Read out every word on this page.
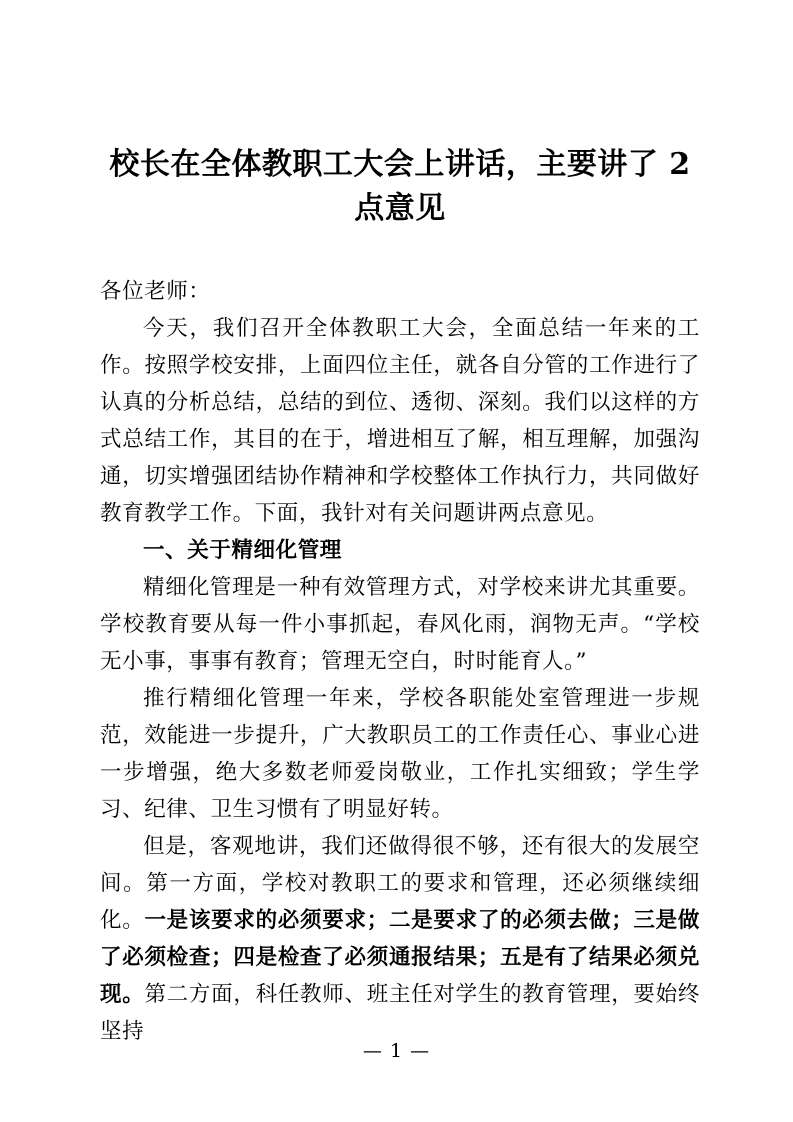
校长在全体教职工大会上讲话，主要讲了 2 点意见

各位老师：

今天，我们召开全体教职工大会，全面总结一年来的工作。按照学校安排，上面四位主任，就各自分管的工作进行了认真的分析总结，总结的到位、透彻、深刻。我们以这样的方式总结工作，其目的在于，增进相互了解，相互理解，加强沟通，切实增强团结协作精神和学校整体工作执行力，共同做好教育教学工作。下面，我针对有关问题讲两点意见。

一、关于精细化管理

精细化管理是一种有效管理方式，对学校来讲尤其重要。学校教育要从每一件小事抓起，春风化雨，润物无声。“学校无小事，事事有教育；管理无空白，时时能育人。”

推行精细化管理一年来，学校各职能处室管理进一步规范，效能进一步提升，广大教职员工的工作责任心、事业心进一步增强，绝大多数老师爱岗敬业，工作扎实细致；学生学习、纪律、卫生习惯有了明显好转。

但是，客观地讲，我们还做得很不够，还有很大的发展空间。第一方面，学校对教职工的要求和管理，还必须继续细化。一是该要求的必须要求；二是要求了的必须去做；三是做了必须检查；四是检查了必须通报结果；五是有了结果必须兑现。第二方面，科任教师、班主任对学生的教育管理，要始终坚持

— 1 —
